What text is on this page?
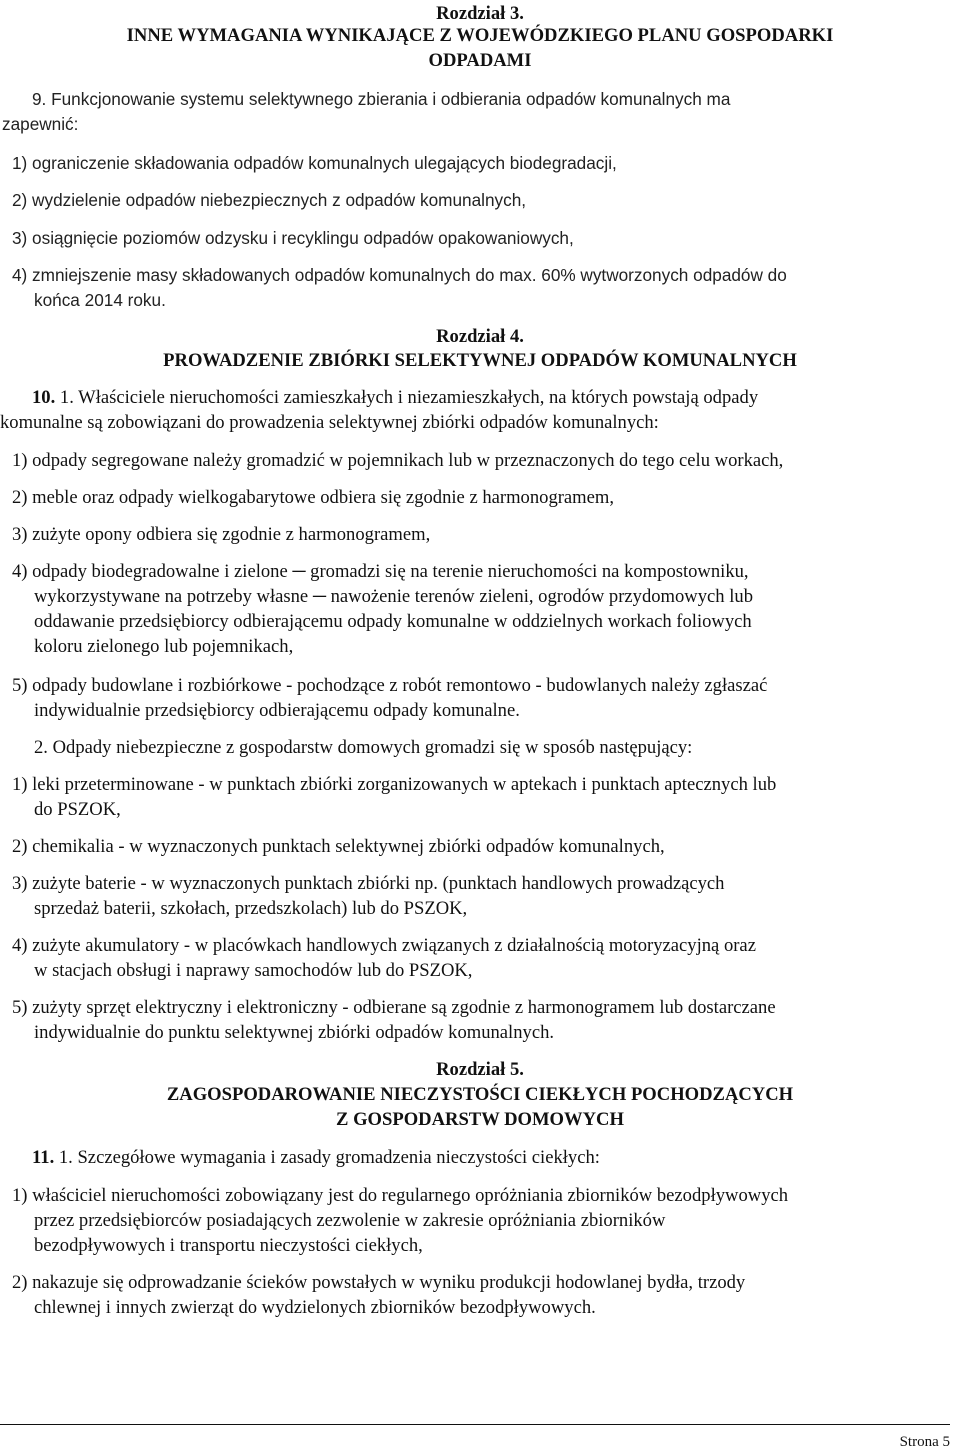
Rozdział 3.
INNE WYMAGANIA WYNIKAJĄCE Z WOJEWÓDZKIEGO PLANU GOSPODARKI
ODPADAMI
9. Funkcjonowanie systemu selektywnego zbierania i odbierania odpadów komunalnych ma
zapewnić:
1) ograniczenie składowania odpadów komunalnych ulegających biodegradacji,
2) wydzielenie odpadów niebezpiecznych z odpadów komunalnych,
3) osiągnięcie poziomów odzysku i recyklingu odpadów opakowaniowych,
4) zmniejszenie masy składowanych odpadów komunalnych do max. 60% wytworzonych odpadów do
końca 2014 roku.
Rozdział 4.
PROWADZENIE ZBIÓRKI SELEKTYWNEJ ODPADÓW KOMUNALNYCH
10. 1. Właściciele nieruchomości zamieszkałych i niezamieszkałych, na których powstają odpady
komunalne są zobowiązani do prowadzenia selektywnej zbiórki odpadów komunalnych:
1) odpady segregowane należy gromadzić w pojemnikach lub w przeznaczonych do tego celu workach,
2) meble oraz odpady wielkogabarytowe odbiera się zgodnie z harmonogramem,
3) zużyte opony odbiera się zgodnie z harmonogramem,
4) odpady biodegradowalne i zielone ─ gromadzi się na terenie nieruchomości na kompostowniku,
wykorzystywane na potrzeby własne ─ nawożenie terenów zieleni, ogrodów przydomowych lub
oddawanie przedsiębiorcy odbierającemu odpady komunalne w oddzielnych workach foliowych
koloru zielonego lub pojemnikach,
5) odpady budowlane i rozbiórkowe - pochodzące z robót remontowo - budowlanych należy zgłaszać
indywidualnie przedsiębiorcy odbierającemu odpady komunalne.
2. Odpady niebezpieczne z gospodarstw domowych gromadzi się w sposób następujący:
1) leki przeterminowane - w punktach zbiórki zorganizowanych w aptekach i punktach aptecznych lub
do PSZOK,
2) chemikalia - w wyznaczonych punktach selektywnej zbiórki odpadów komunalnych,
3) zużyte baterie - w wyznaczonych punktach zbiórki np. (punktach handlowych prowadzących
sprzedaż baterii, szkołach, przedszkolach) lub do PSZOK,
4) zużyte akumulatory - w placówkach handlowych związanych z działalnością motoryzacyjną oraz
w stacjach obsługi i naprawy samochodów lub do PSZOK,
5) zużyty sprzęt elektryczny i elektroniczny - odbierane są zgodnie z harmonogramem lub dostarczane
indywidualnie do punktu selektywnej zbiórki odpadów komunalnych.
Rozdział 5.
ZAGOSPODAROWANIE NIECZYSTOŚCI CIEKŁYCH POCHODZĄCYCH
Z GOSPODARSTW DOMOWYCH
11. 1. Szczegółowe wymagania i zasady gromadzenia nieczystości ciekłych:
1) właściciel nieruchomości zobowiązany jest do regularnego opróżniania zbiorników bezodpływowych
przez przedsiębiorców posiadających zezwolenie w zakresie opróżniania zbiorników
bezodpływowych i transportu nieczystości ciekłych,
2) nakazuje się odprowadzanie ścieków powstałych w wyniku produkcji hodowlanej bydła, trzody
chlewnej i innych zwierząt do wydzielonych zbiorników bezodpływowych.
Strona 5
